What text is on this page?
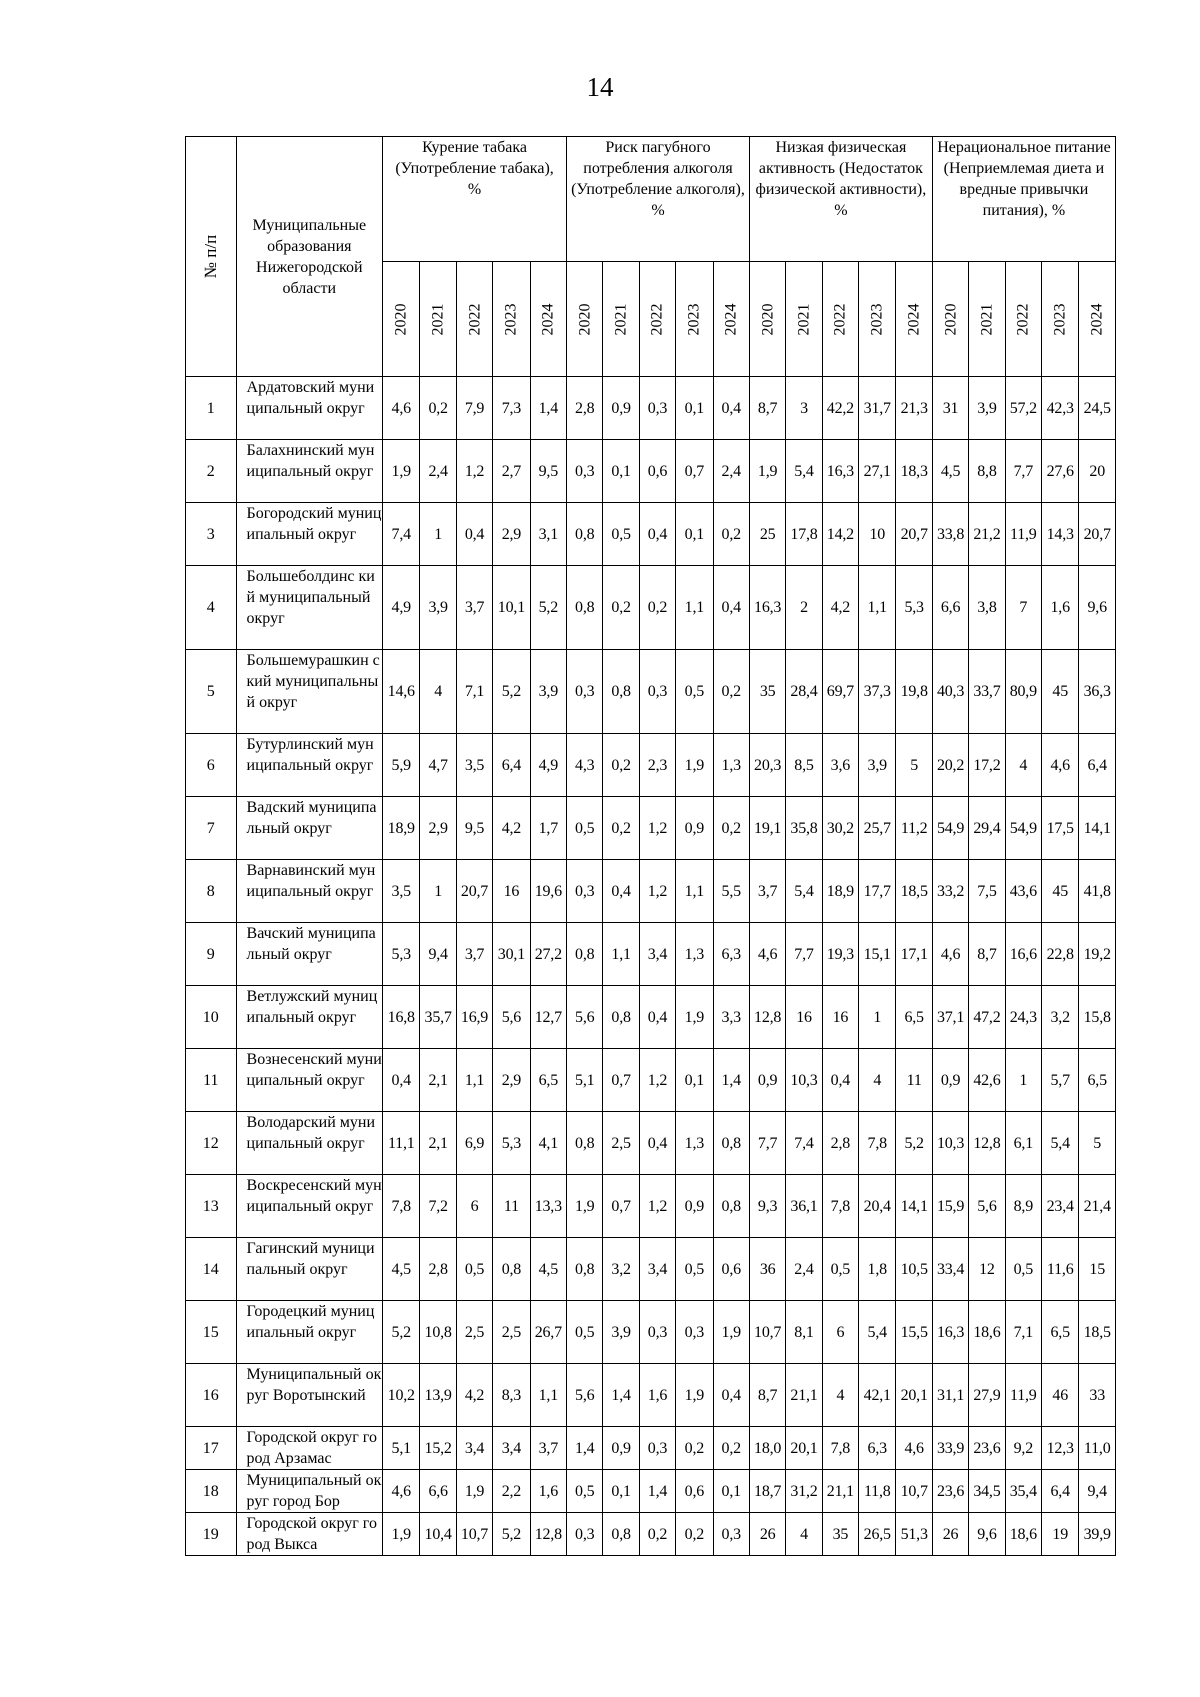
14
№ п/п	Муниципальные образования Нижегородской области	Курение табака (Употребление табака), %					Риск пагубного потребления алкоголя (Употребление алкоголя), %					Низкая физическая активность (Недостаток физической активности), %					Нерациональное питание (Неприемлемая диета и вредные привычки питания), %				
		2020	2021	2022	2023	2024	2020	2021	2022	2023	2024	2020	2021	2022	2023	2024	2020	2021	2022	2023	2024
1	Ардатовский муниципальный округ	4,6	0,2	7,9	7,3	1,4	2,8	0,9	0,3	0,1	0,4	8,7	3	42,2	31,7	21,3	31	3,9	57,2	42,3	24,5
2	Балахнинский муниципальный округ	1,9	2,4	1,2	2,7	9,5	0,3	0,1	0,6	0,7	2,4	1,9	5,4	16,3	27,1	18,3	4,5	8,8	7,7	27,6	20
3	Богородский муниципальный округ	7,4	1	0,4	2,9	3,1	0,8	0,5	0,4	0,1	0,2	25	17,8	14,2	10	20,7	33,8	21,2	11,9	14,3	20,7
4	Большеболдинс кий муниципальный округ	4,9	3,9	3,7	10,1	5,2	0,8	0,2	0,2	1,1	0,4	16,3	2	4,2	1,1	5,3	6,6	3,8	7	1,6	9,6
5	Большемурашкин ский муниципальный округ	14,6	4	7,1	5,2	3,9	0,3	0,8	0,3	0,5	0,2	35	28,4	69,7	37,3	19,8	40,3	33,7	80,9	45	36,3
6	Бутурлинский муниципальный округ	5,9	4,7	3,5	6,4	4,9	4,3	0,2	2,3	1,9	1,3	20,3	8,5	3,6	3,9	5	20,2	17,2	4	4,6	6,4
7	Вадский муниципальный округ	18,9	2,9	9,5	4,2	1,7	0,5	0,2	1,2	0,9	0,2	19,1	35,8	30,2	25,7	11,2	54,9	29,4	54,9	17,5	14,1
8	Варнавинский муниципальный округ	3,5	1	20,7	16	19,6	0,3	0,4	1,2	1,1	5,5	3,7	5,4	18,9	17,7	18,5	33,2	7,5	43,6	45	41,8
9	Вачский муниципальный округ	5,3	9,4	3,7	30,1	27,2	0,8	1,1	3,4	1,3	6,3	4,6	7,7	19,3	15,1	17,1	4,6	8,7	16,6	22,8	19,2
10	Ветлужский муниципальный округ	16,8	35,7	16,9	5,6	12,7	5,6	0,8	0,4	1,9	3,3	12,8	16	16	1	6,5	37,1	47,2	24,3	3,2	15,8
11	Вознесенский муниципальный округ	0,4	2,1	1,1	2,9	6,5	5,1	0,7	1,2	0,1	1,4	0,9	10,3	0,4	4	11	0,9	42,6	1	5,7	6,5
12	Володарский муниципальный округ	11,1	2,1	6,9	5,3	4,1	0,8	2,5	0,4	1,3	0,8	7,7	7,4	2,8	7,8	5,2	10,3	12,8	6,1	5,4	5
13	Воскресенский муниципальный округ	7,8	7,2	6	11	13,3	1,9	0,7	1,2	0,9	0,8	9,3	36,1	7,8	20,4	14,1	15,9	5,6	8,9	23,4	21,4
14	Гагинский муниципальный округ	4,5	2,8	0,5	0,8	4,5	0,8	3,2	3,4	0,5	0,6	36	2,4	0,5	1,8	10,5	33,4	12	0,5	11,6	15
15	Городецкий муниципальный округ	5,2	10,8	2,5	2,5	26,7	0,5	3,9	0,3	0,3	1,9	10,7	8,1	6	5,4	15,5	16,3	18,6	7,1	6,5	18,5
16	Муниципальный округ Воротынский	10,2	13,9	4,2	8,3	1,1	5,6	1,4	1,6	1,9	0,4	8,7	21,1	4	42,1	20,1	31,1	27,9	11,9	46	33
17	Городской округ город Арзамас	5,1	15,2	3,4	3,4	3,7	1,4	0,9	0,3	0,2	0,2	18,0	20,1	7,8	6,3	4,6	33,9	23,6	9,2	12,3	11,0
18	Муниципальный округ город Бор	4,6	6,6	1,9	2,2	1,6	0,5	0,1	1,4	0,6	0,1	18,7	31,2	21,1	11,8	10,7	23,6	34,5	35,4	6,4	9,4
19	Городской округ город Выкса	1,9	10,4	10,7	5,2	12,8	0,3	0,8	0,2	0,2	0,3	26	4	35	26,5	51,3	26	9,6	18,6	19	39,9
